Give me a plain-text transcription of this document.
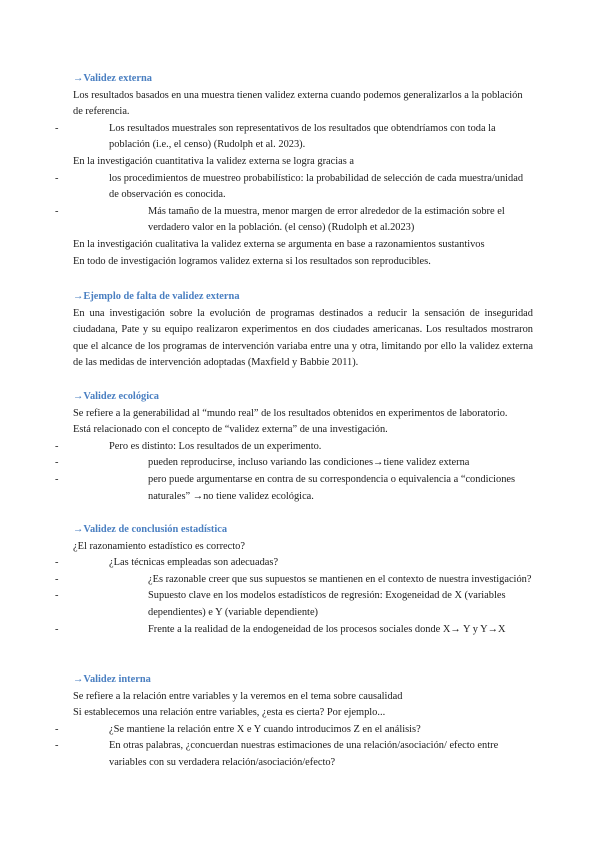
→Validez externa
Los resultados basados en una muestra tienen validez externa cuando podemos generalizarlos a la población de referencia.
-	Los resultados muestrales son representativos de los resultados que obtendríamos con toda la población (i.e., el censo) (Rudolph et al. 2023).
En la investigación cuantitativa la validez externa se logra gracias a
-	los procedimientos de muestreo probabilístico: la probabilidad de selección de cada muestra/unidad de observación es conocida.
-	Más tamaño de la muestra, menor margen de error alrededor de la estimación sobre el verdadero valor en la población. (el censo) (Rudolph et al.2023)
En la investigación cualitativa la validez externa se argumenta en base a razonamientos sustantivos
En todo de investigación logramos validez externa si los resultados son reproducibles.
→Ejemplo de falta de validez externa
En una investigación sobre la evolución de programas destinados a reducir la sensación de inseguridad ciudadana, Pate y su equipo realizaron experimentos en dos ciudades americanas. Los resultados mostraron que el alcance de los programas de intervención variaba entre una y otra, limitando por ello la validez externa de las medidas de intervención adoptadas (Maxfield y Babbie 2011).
→Validez ecológica
Se refiere a la generabilidad al “mundo real” de los resultados obtenidos en experimentos de laboratorio.
Está relacionado con el concepto de “validez externa” de una investigación.
-	Pero es distinto: Los resultados de un experimento.
-	pueden reproducirse, incluso variando las condiciones→tiene validez externa
-	pero puede argumentarse en contra de su correspondencia o equivalencia a “condiciones naturales” →no tiene validez ecológica.
→Validez de conclusión estadística
¿El razonamiento estadístico es correcto?
-	¿Las técnicas empleadas son adecuadas?
-	¿Es razonable creer que sus supuestos se mantienen en el contexto de nuestra investigación?
-	Supuesto clave en los modelos estadísticos de regresión: Exogeneidad de X (variables dependientes) e Y (variable dependiente)
-	Frente a la realidad de la endogeneidad de los procesos sociales donde X→ Y y Y→X
→Validez interna
Se refiere a la relación entre variables y la veremos en el tema sobre causalidad
Si establecemos una relación entre variables, ¿esta es cierta? Por ejemplo...
-	¿Se mantiene la relación entre X e Y cuando introducimos Z en el análisis?
-	En otras palabras, ¿concuerdan nuestras estimaciones de una relación/asociación/ efecto entre variables con su verdadera relación/asociación/efecto?
